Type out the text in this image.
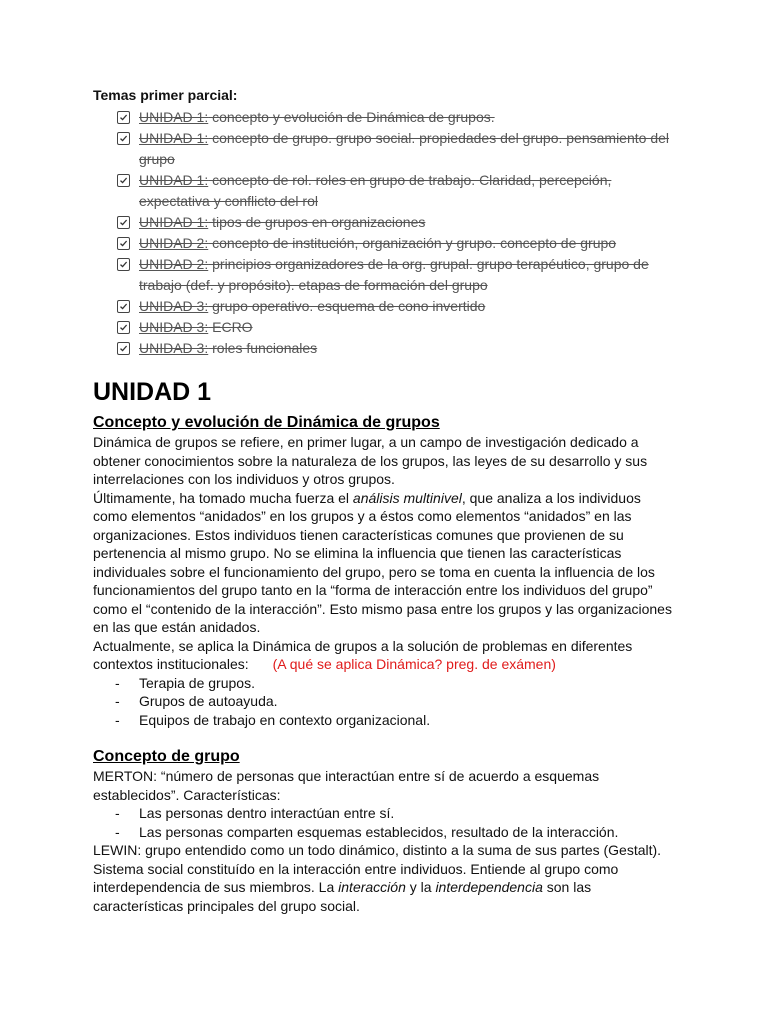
Temas primer parcial:
UNIDAD 1: concepto y evolución de Dinámica de grupos.
UNIDAD 1: concepto de grupo. grupo social. propiedades del grupo. pensamiento del grupo
UNIDAD 1: concepto de rol. roles en grupo de trabajo. Claridad, percepción, expectativa y conflicto del rol
UNIDAD 1: tipos de grupos en organizaciones
UNIDAD 2: concepto de institución, organización y grupo. concepto de grupo
UNIDAD 2: principios organizadores de la org. grupal. grupo terapéutico, grupo de trabajo (def. y propósito). etapas de formación del grupo
UNIDAD 3: grupo operativo. esquema de cono invertido
UNIDAD 3: ECRO
UNIDAD 3: roles funcionales
UNIDAD 1
Concepto y evolución de Dinámica de grupos

Dinámica de grupos se refiere, en primer lugar, a un campo de investigación dedicado a obtener conocimientos sobre la naturaleza de los grupos, las leyes de su desarrollo y sus interrelaciones con los individuos y otros grupos.

Últimamente, ha tomado mucha fuerza el análisis multinivel, que analiza a los individuos como elementos “anidados” en los grupos y a éstos como elementos “anidados” en las organizaciones. Estos individuos tienen características comunes que provienen de su pertenencia al mismo grupo. No se elimina la influencia que tienen las características individuales sobre el funcionamiento del grupo, pero se toma en cuenta la influencia de los funcionamientos del grupo tanto en la “forma de interacción entre los individuos del grupo” como el “contenido de la interacción”. Esto mismo pasa entre los grupos y las organizaciones en las que están anidados.

Actualmente, se aplica la Dinámica de grupos a la solución de problemas en diferentes contextos institucionales: (A qué se aplica Dinámica? preg. de exámen)

- Terapia de grupos.
- Grupos de autoayuda.
- Equipos de trabajo en contexto organizacional.
Concepto de grupo

MERTON: “número de personas que interactúan entre sí de acuerdo a esquemas establecidos”. Características:

- Las personas dentro interactúan entre sí.
- Las personas comparten esquemas establecidos, resultado de la interacción.

LEWIN: grupo entendido como un todo dinámico, distinto a la suma de sus partes (Gestalt). Sistema social constituído en la interacción entre individuos. Entiende al grupo como interdependencia de sus miembros. La interacción y la interdependencia son las características principales del grupo social.
